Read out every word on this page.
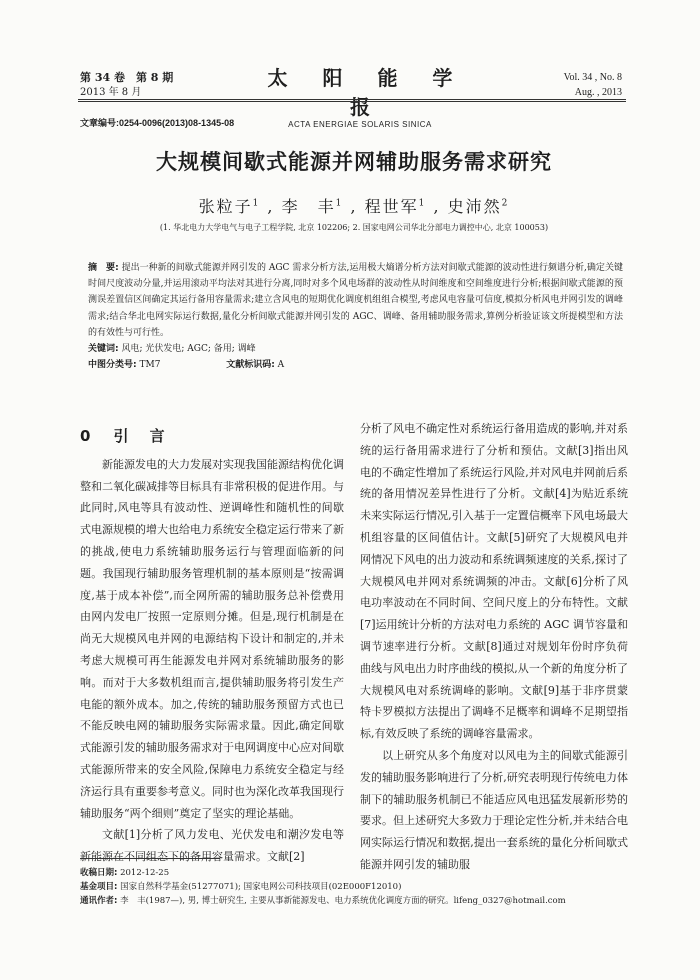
第 34 卷　第 8 期
2013 年 8 月
太 阳 能 学 报
ACTA ENERGIAE SOLARIS SINICA
Vol. 34 , No. 8
Aug. , 2013
文章编号:0254-0096(2013)08-1345-08
大规模间歇式能源并网辅助服务需求研究
张粒子$^1$ , 李　丰$^1$ , 程世军$^1$ , 史沛然$^2$
(1. 华北电力大学电气与电子工程学院, 北京 102206; 2. 国家电网公司华北分部电力调控中心, 北京 100053)

摘　要: 提出一种新的间歇式能源并网引发的 AGC 需求分析方法,运用极大熵谱分析方法对间歇式能源的波动性进行频谱分析,确定关键时间尺度波动分量,并运用滚动平均法对其进行分离,同时对多个风电场群的波动性从时间维度和空间维度进行分析;根据间歇式能源的预测误差置信区间确定其运行备用容量需求;建立含风电的短期优化调度机组组合模型,考虑风电容量可信度,模拟分析风电并网引发的调峰需求;结合华北电网实际运行数据,量化分析间歇式能源并网引发的 AGC、调峰、备用辅助服务需求,算例分析验证该文所提模型和方法的有效性与可行性。

关键词: 风电; 光伏发电; AGC; 备用; 调峰

中图分类号: TM7	文献标识码: A

0　 引 言

新能源发电的大力发展对实现我国能源结构优化调整和二氧化碳减排等目标具有非常积极的促进作用。与此同时,风电等具有波动性、逆调峰性和随机性的间歇式电源规模的增大也给电力系统安全稳定运行带来了新的挑战,使电力系统辅助服务运行与管理面临新的问题。我国现行辅助服务管理机制的基本原则是“按需调度,基于成本补偿”,而全网所需的辅助服务总补偿费用由网内发电厂按照一定原则分摊。但是,现行机制是在尚无大规模风电并网的电源结构下设计和制定的,并未考虑大规模可再生能源发电并网对系统辅助服务的影响。而对于大多数机组而言,提供辅助服务将引发生产电能的额外成本。加之,传统的辅助服务预留方式也已不能反映电网的辅助服务实际需求量。因此,确定间歇式能源引发的辅助服务需求对于电网调度中心应对间歇式能源所带来的安全风险,保障电力系统安全稳定与经济运行具有重要参考意义。同时也为深化改革我国现行辅助服务“两个细则”奠定了坚实的理论基础。

文献[1]分析了风力发电、光伏发电和潮汐发电等新能源在不同组态下的备用容量需求。文献[2]

分析了风电不确定性对系统运行备用造成的影响,并对系统的运行备用需求进行了分析和预估。文献[3]指出风电的不确定性增加了系统运行风险,并对风电并网前后系统的备用情况差异性进行了分析。文献[4]为贴近系统未来实际运行情况,引入基于一定置信概率下风电场最大机组容量的区间值估计。文献[5]研究了大规模风电并网情况下风电的出力波动和系统调频速度的关系,探讨了大规模风电并网对系统调频的冲击。文献[6]分析了风电功率波动在不同时间、空间尺度上的分布特性。文献[7]运用统计分析的方法对电力系统的 AGC 调节容量和调节速率进行分析。文献[8]通过对规划年份时序负荷曲线与风电出力时序曲线的模拟,从一个新的角度分析了大规模风电对系统调峰的影响。文献[9]基于非序贯蒙特卡罗模拟方法提出了调峰不足概率和调峰不足期望指标,有效反映了系统的调峰容量需求。

以上研究从多个角度对以风电为主的间歇式能源引发的辅助服务影响进行了分析,研究表明现行传统电力体制下的辅助服务机制已不能适应风电迅猛发展新形势的要求。但上述研究大多致力于理论定性分析,并未结合电网实际运行情况和数据,提出一套系统的量化分析间歇式能源并网引发的辅助服

收稿日期: 2012-12-25
基金项目: 国家自然科学基金(51277071); 国家电网公司科技项目(02E000F12010)
通讯作者: 李　丰(1987—), 男, 博士研究生, 主要从事新能源发电、电力系统优化调度方面的研究。lifeng_0327@hotmail.com
